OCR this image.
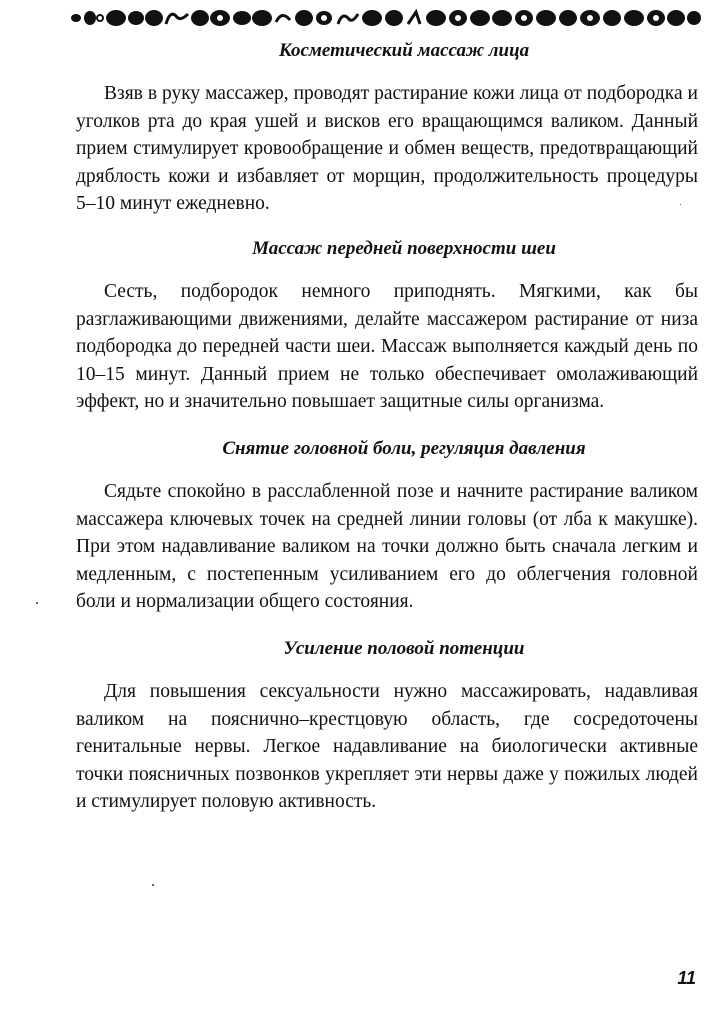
Косметический массаж лица

Взяв в руку массажер, проводят растирание кожи лица от подбородка и уголков рта до края ушей и висков его вращающимся валиком. Данный прием стимулирует кровообращение и обмен веществ, предотвращающий дряблость кожи и избавляет от морщин, продолжительность процедуры 5–10 минут ежедневно.

Массаж передней поверхности шеи

Сесть, подбородок немного приподнять. Мягкими, как бы разглаживающими движениями, делайте массажером растирание от низа подбородка до передней части шеи. Массаж выполняется каждый день по 10–15 минут. Данный прием не только обеспечивает омолаживающий эффект, но и значительно повышает защитные силы организма.

Снятие головной боли, регуляция давления

Сядьте спокойно в расслабленной позе и начните растирание валиком массажера ключевых точек на средней линии головы (от лба к макушке). При этом надавливание валиком на точки должно быть сначала легким и медленным, с постепенным усиливанием его до облегчения головной боли и нормализации общего состояния.

Усиление половой потенции

Для повышения сексуальности нужно массажировать, надавливая валиком на пояснично–крестцовую область, где сосредоточены генитальные нервы. Легкое надавливание на биологически активные точки поясничных позвонков укрепляет эти нервы даже у пожилых людей и стимулирует половую активность.

11
